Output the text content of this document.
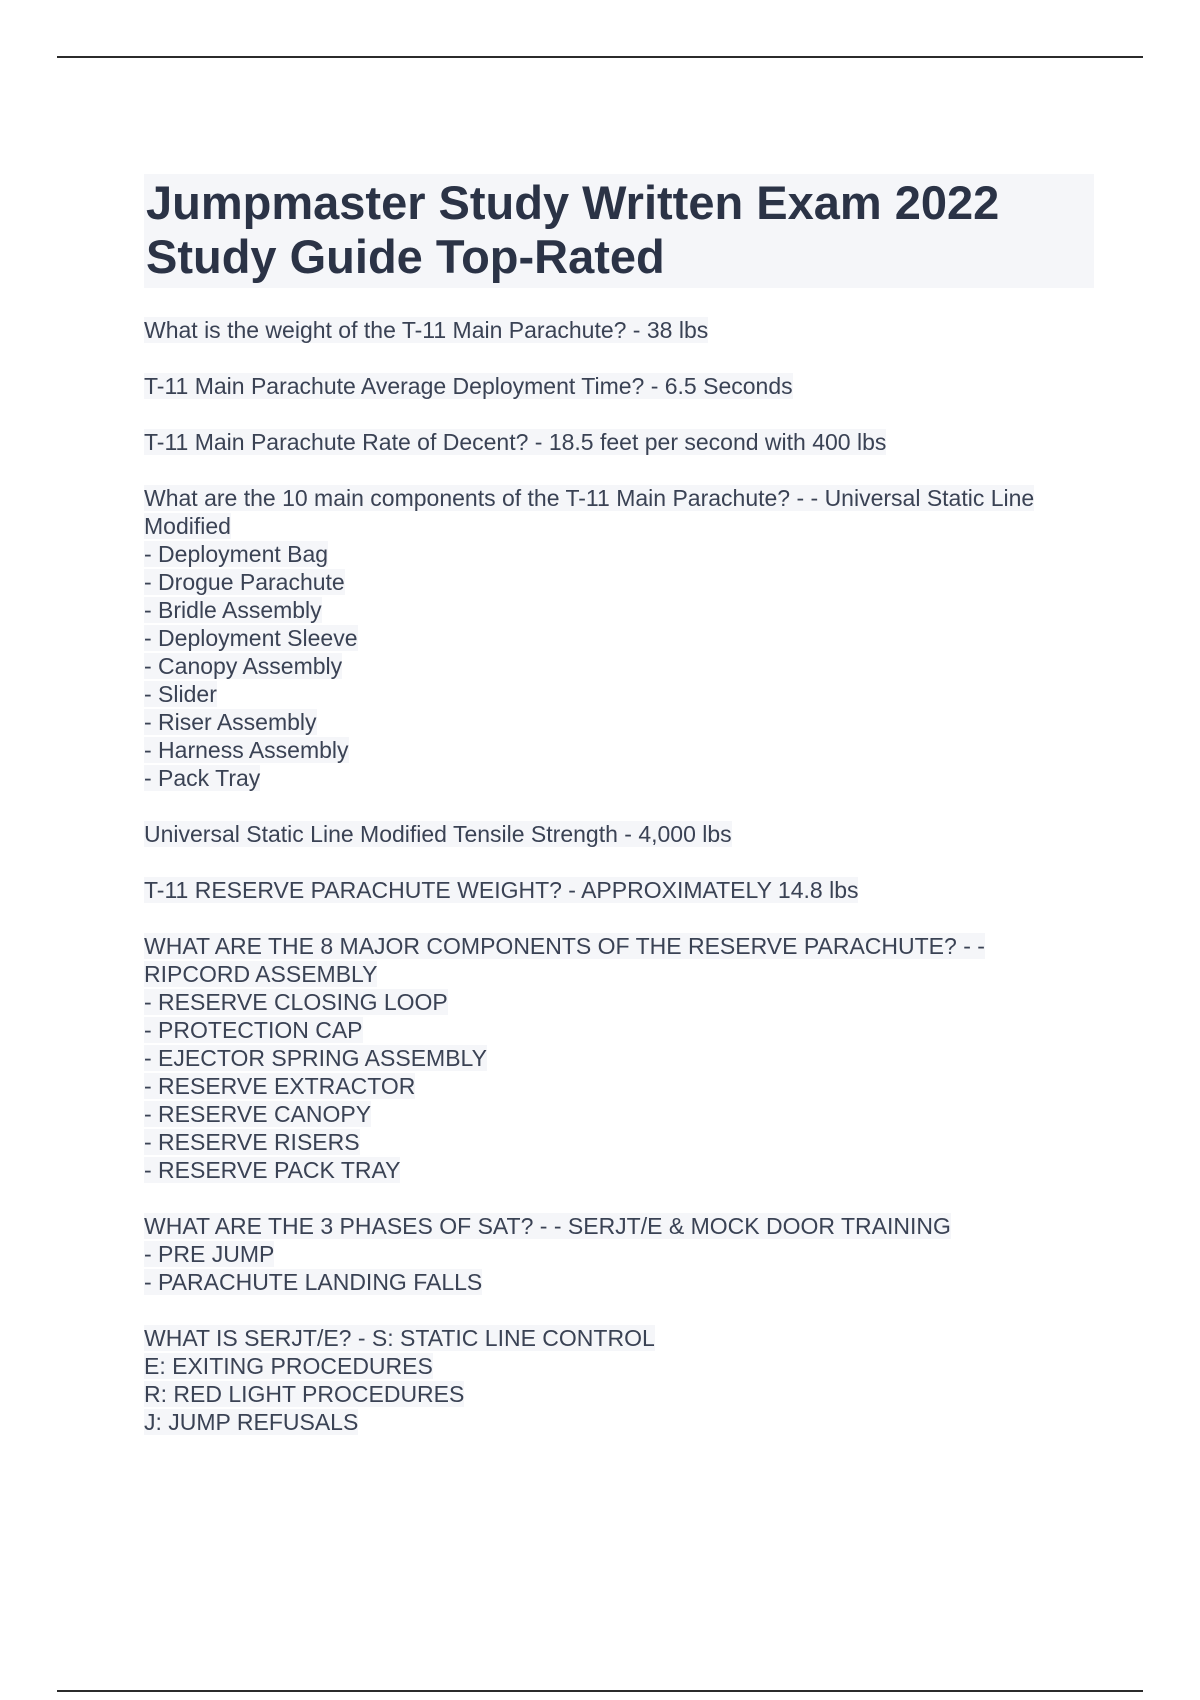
Jumpmaster Study Written Exam 2022
Study Guide Top-Rated
What is the weight of the T-11 Main Parachute? - 38 lbs
T-11 Main Parachute Average Deployment Time? - 6.5 Seconds
T-11 Main Parachute Rate of Decent? - 18.5 feet per second with 400 lbs
What are the 10 main components of the T-11 Main Parachute? - - Universal Static Line
Modified
- Deployment Bag
- Drogue Parachute
- Bridle Assembly
- Deployment Sleeve
- Canopy Assembly
- Slider
- Riser Assembly
- Harness Assembly
- Pack Tray
Universal Static Line Modified Tensile Strength - 4,000 lbs
T-11 RESERVE PARACHUTE WEIGHT? - APPROXIMATELY 14.8 lbs
WHAT ARE THE 8 MAJOR COMPONENTS OF THE RESERVE PARACHUTE? - -
RIPCORD ASSEMBLY
- RESERVE CLOSING LOOP
- PROTECTION CAP
- EJECTOR SPRING ASSEMBLY
- RESERVE EXTRACTOR
- RESERVE CANOPY
- RESERVE RISERS
- RESERVE PACK TRAY
WHAT ARE THE 3 PHASES OF SAT? - - SERJT/E & MOCK DOOR TRAINING
- PRE JUMP
- PARACHUTE LANDING FALLS
WHAT IS SERJT/E? - S: STATIC LINE CONTROL
E: EXITING PROCEDURES
R: RED LIGHT PROCEDURES
J: JUMP REFUSALS
